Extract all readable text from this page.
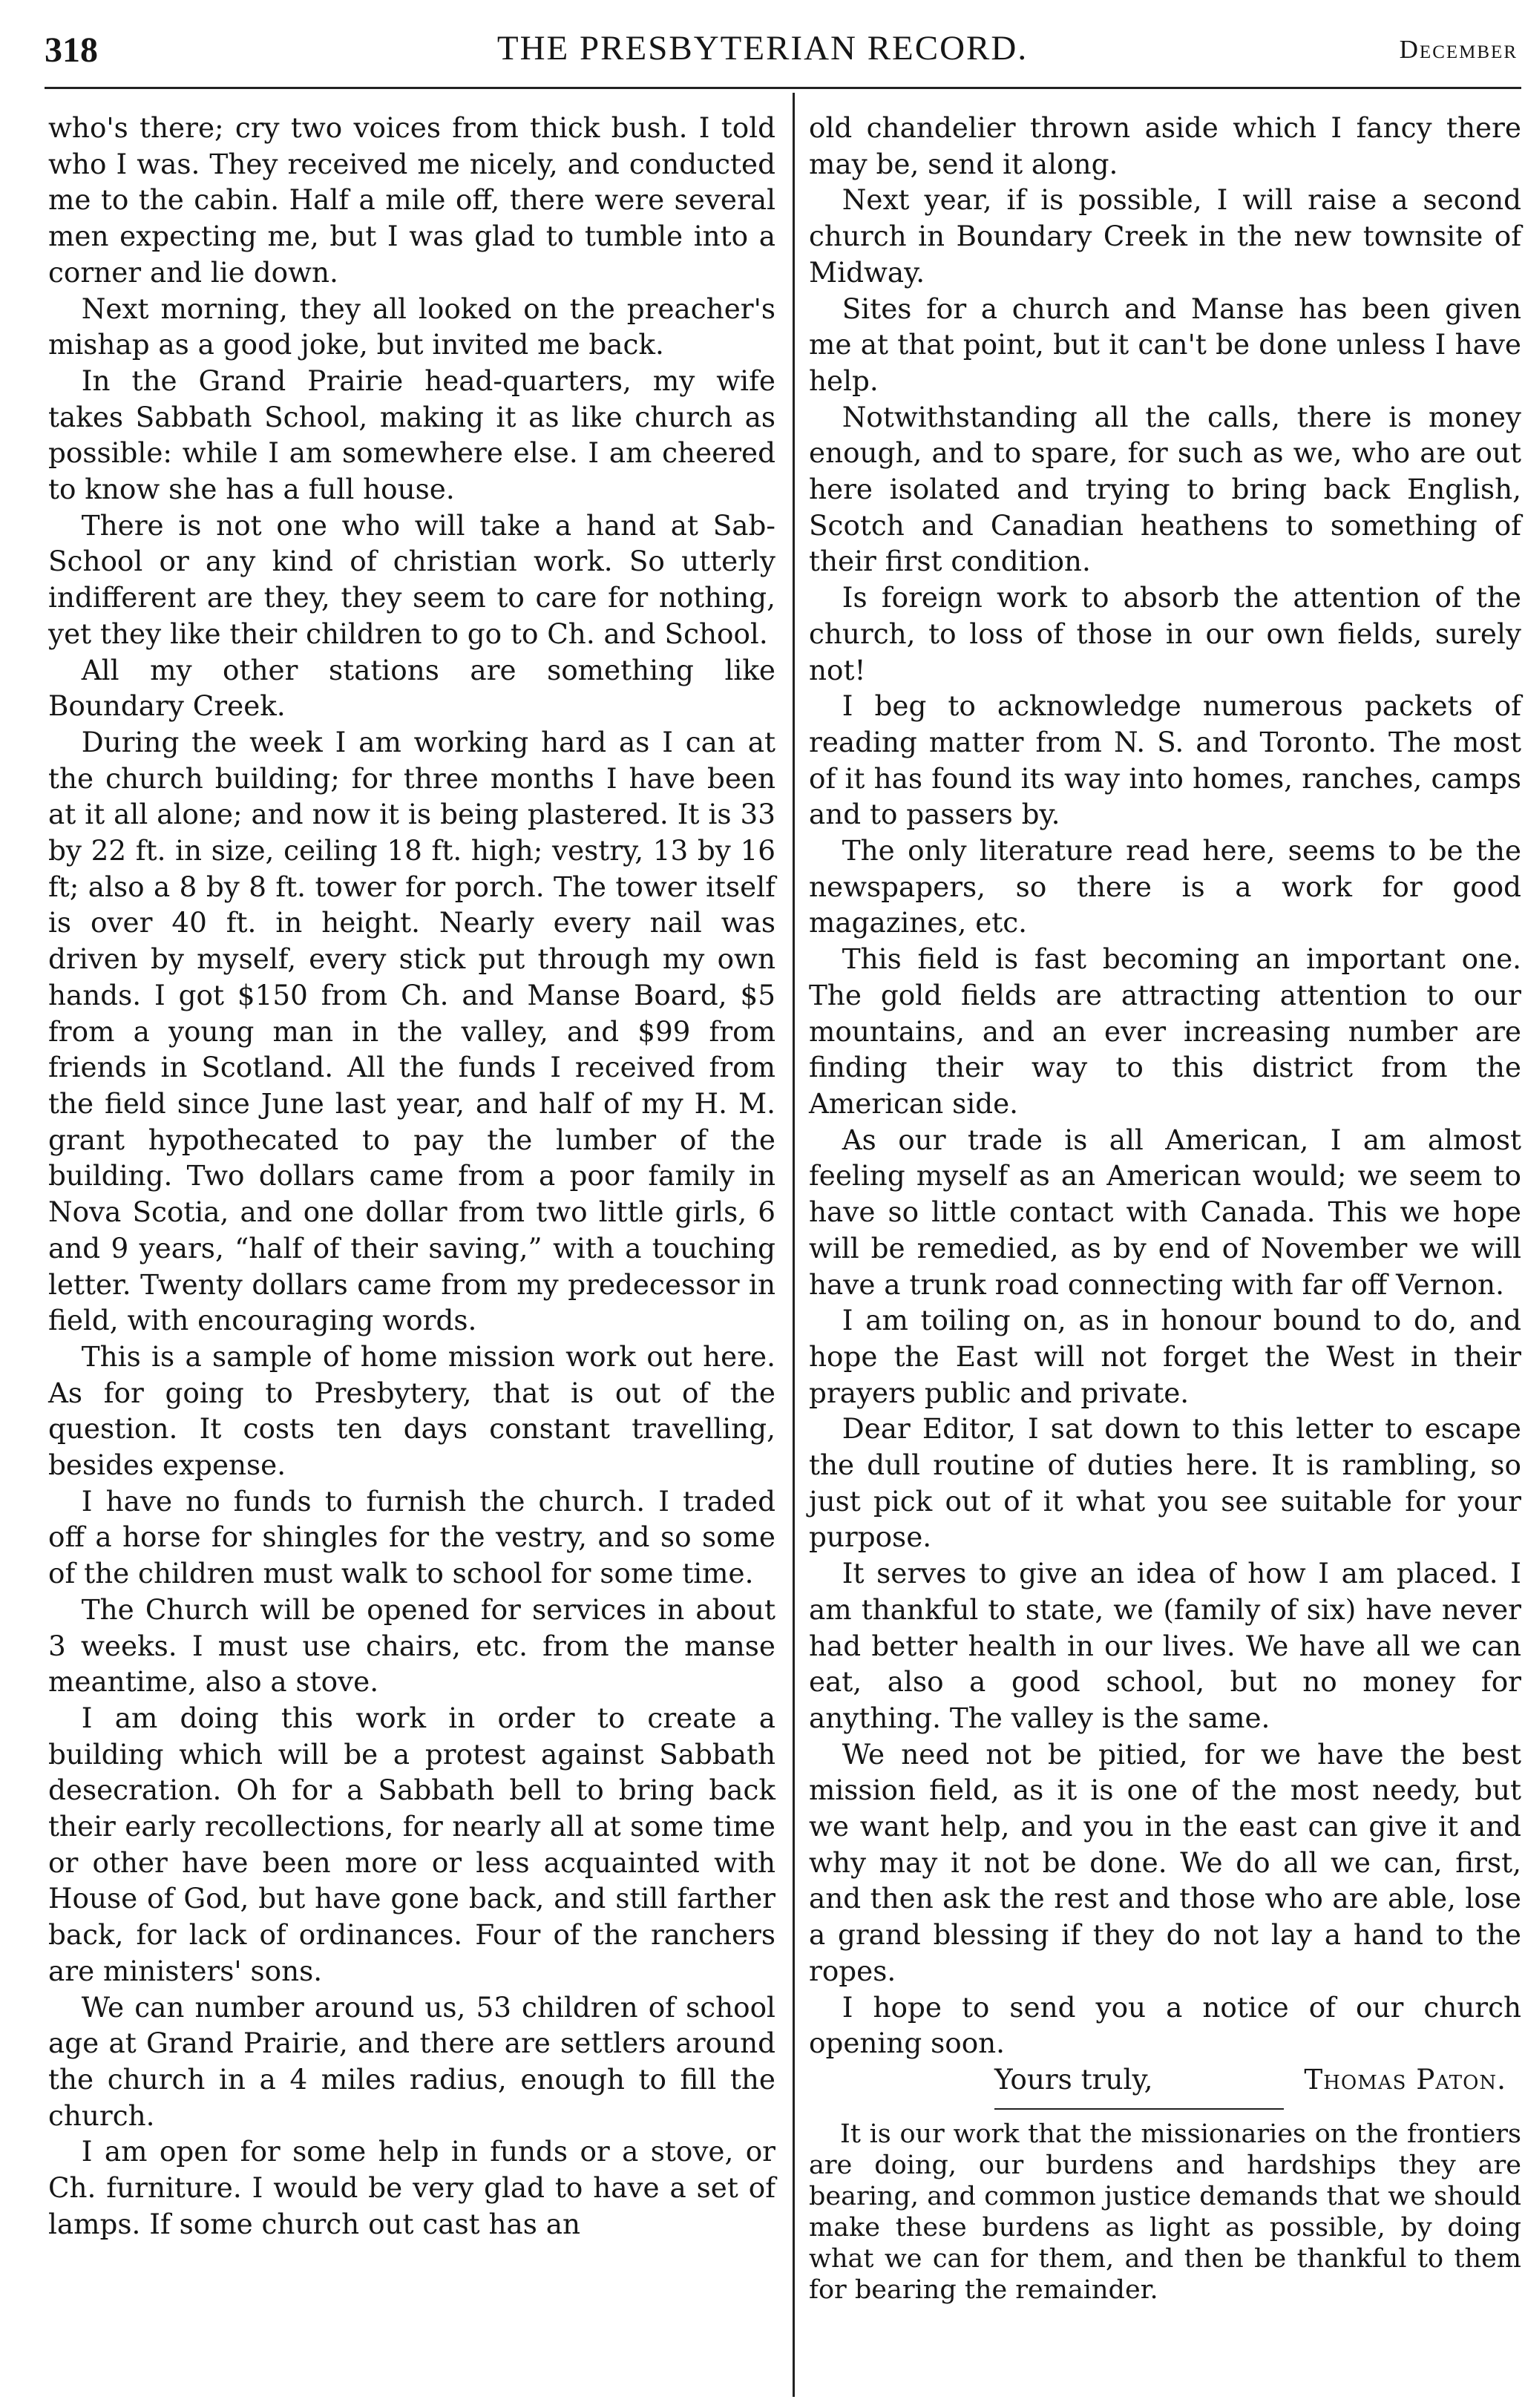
318	THE PRESBYTERIAN RECORD.	December

who's there; cry two voices from thick bush. I told who I was. They received me nicely, and conducted me to the cabin. Half a mile off, there were several men expecting me, but I was glad to tumble into a corner and lie down.

Next morning, they all looked on the preacher's mishap as a good joke, but invited me back.

In the Grand Prairie head-quarters, my wife takes Sabbath School, making it as like church as possible: while I am somewhere else. I am cheered to know she has a full house.

There is not one who will take a hand at Sab-School or any kind of christian work. So utterly indifferent are they, they seem to care for nothing, yet they like their children to go to Ch. and School.

All my other stations are something like Boundary Creek.

During the week I am working hard as I can at the church building; for three months I have been at it all alone; and now it is being plastered. It is 33 by 22 ft. in size, ceiling 18 ft. high; vestry, 13 by 16 ft; also a 8 by 8 ft. tower for porch. The tower itself is over 40 ft. in height. Nearly every nail was driven by myself, every stick put through my own hands. I got $150 from Ch. and Manse Board, $5 from a young man in the valley, and $99 from friends in Scotland. All the funds I received from the field since June last year, and half of my H. M. grant hypothecated to pay the lumber of the building. Two dollars came from a poor family in Nova Scotia, and one dollar from two little girls, 6 and 9 years, “half of their saving,” with a touching letter. Twenty dollars came from my predecessor in field, with encouraging words.

This is a sample of home mission work out here. As for going to Presbytery, that is out of the question. It costs ten days constant travelling, besides expense.

I have no funds to furnish the church. I traded off a horse for shingles for the vestry, and so some of the children must walk to school for some time.

The Church will be opened for services in about 3 weeks. I must use chairs, etc. from the manse meantime, also a stove.

I am doing this work in order to create a building which will be a protest against Sabbath desecration. Oh for a Sabbath bell to bring back their early recollections, for nearly all at some time or other have been more or less acquainted with House of God, but have gone back, and still farther back, for lack of ordinances. Four of the ranchers are ministers' sons.

We can number around us, 53 children of school age at Grand Prairie, and there are settlers around the church in a 4 miles radius, enough to fill the church.

I am open for some help in funds or a stove, or Ch. furniture. I would be very glad to have a set of lamps. If some church out cast has an

old chandelier thrown aside which I fancy there may be, send it along.

Next year, if is possible, I will raise a second church in Boundary Creek in the new townsite of Midway.

Sites for a church and Manse has been given me at that point, but it can't be done unless I have help.

Notwithstanding all the calls, there is money enough, and to spare, for such as we, who are out here isolated and trying to bring back English, Scotch and Canadian heathens to something of their first condition.

Is foreign work to absorb the attention of the church, to loss of those in our own fields, surely not!

I beg to acknowledge numerous packets of reading matter from N. S. and Toronto. The most of it has found its way into homes, ranches, camps and to passers by.

The only literature read here, seems to be the newspapers, so there is a work for good magazines, etc.

This field is fast becoming an important one. The gold fields are attracting attention to our mountains, and an ever increasing number are finding their way to this district from the American side.

As our trade is all American, I am almost feeling myself as an American would; we seem to have so little contact with Canada. This we hope will be remedied, as by end of November we will have a trunk road connecting with far off Vernon.

I am toiling on, as in honour bound to do, and hope the East will not forget the West in their prayers public and private.

Dear Editor, I sat down to this letter to escape the dull routine of duties here. It is rambling, so just pick out of it what you see suitable for your purpose.

It serves to give an idea of how I am placed. I am thankful to state, we (family of six) have never had better health in our lives. We have all we can eat, also a good school, but no money for anything. The valley is the same.

We need not be pitied, for we have the best mission field, as it is one of the most needy, but we want help, and you in the east can give it and why may it not be done. We do all we can, first, and then ask the rest and those who are able, lose a grand blessing if they do not lay a hand to the ropes.

I hope to send you a notice of our church opening soon.

Yours truly,	Thomas Paton.

It is our work that the missionaries on the frontiers are doing, our burdens and hardships they are bearing, and common justice demands that we should make these burdens as light as possible, by doing what we can for them, and then be thankful to them for bearing the remainder.
